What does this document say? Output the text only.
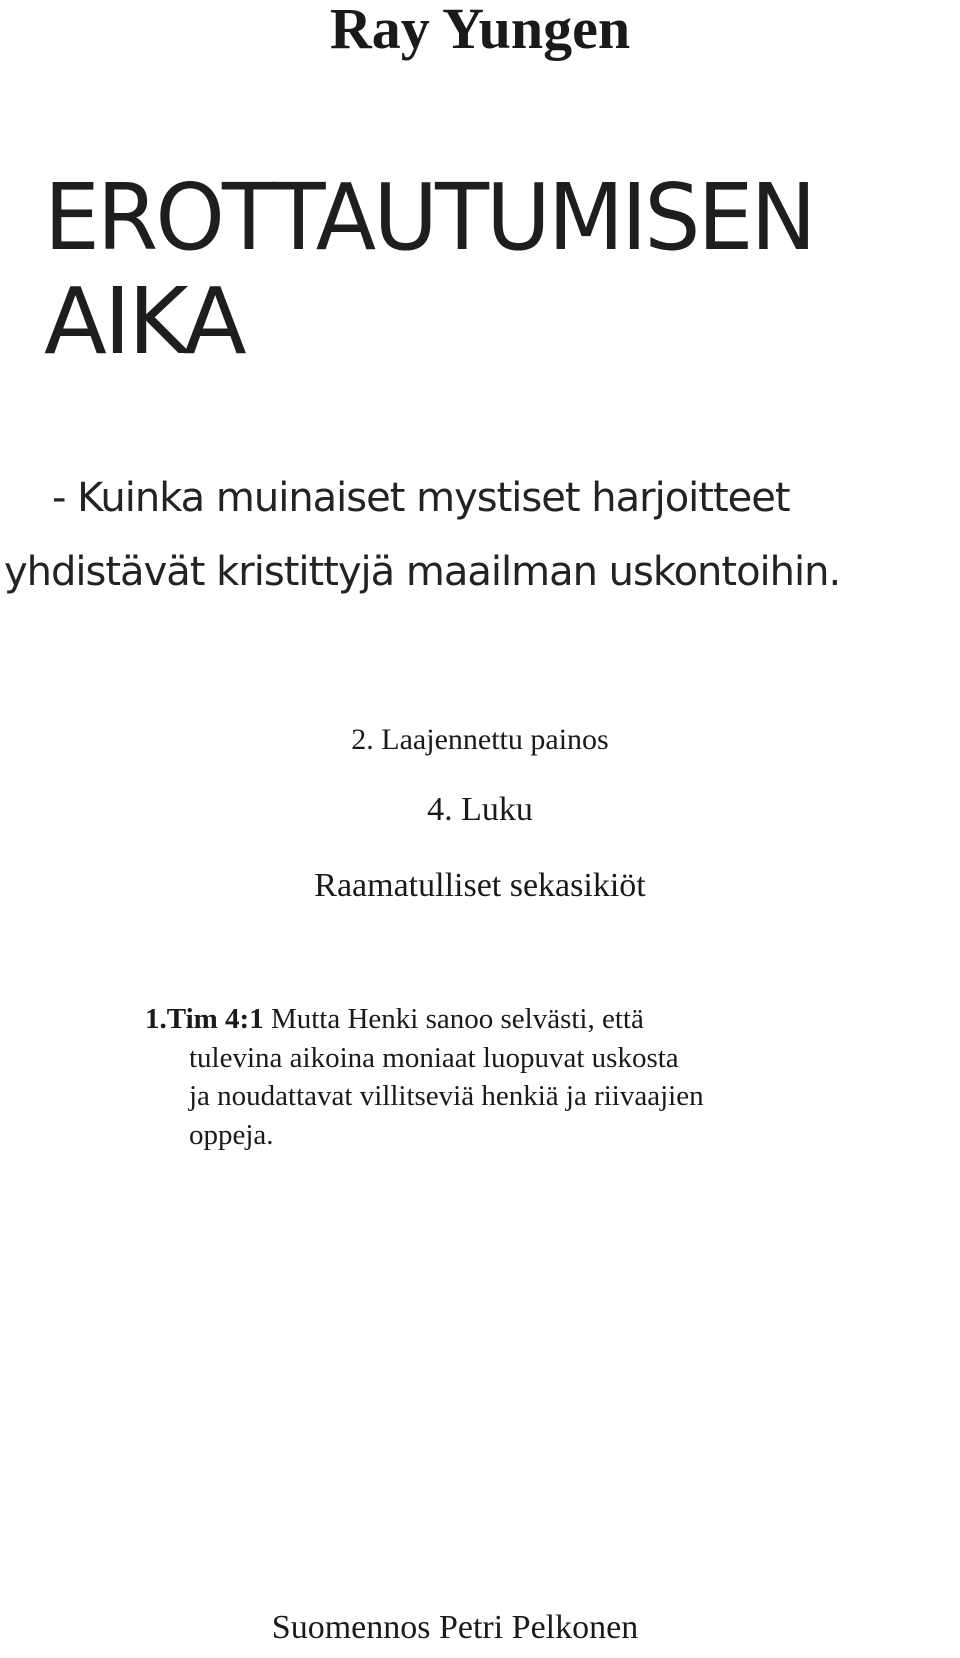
Ray Yungen
EROTTAUTUMISEN
AIKA
- Kuinka muinaiset mystiset harjoitteet
yhdistävät kristittyjä maailman uskontoihin.
2. Laajennettu painos
4. Luku
Raamatulliset sekasikiöt
1.Tim 4:1 Mutta Henki sanoo selvästi, että
tulevina aikoina moniaat luopuvat uskosta
ja noudattavat villitseviä henkiä ja riivaajien
oppeja.
Suomennos Petri Pelkonen
